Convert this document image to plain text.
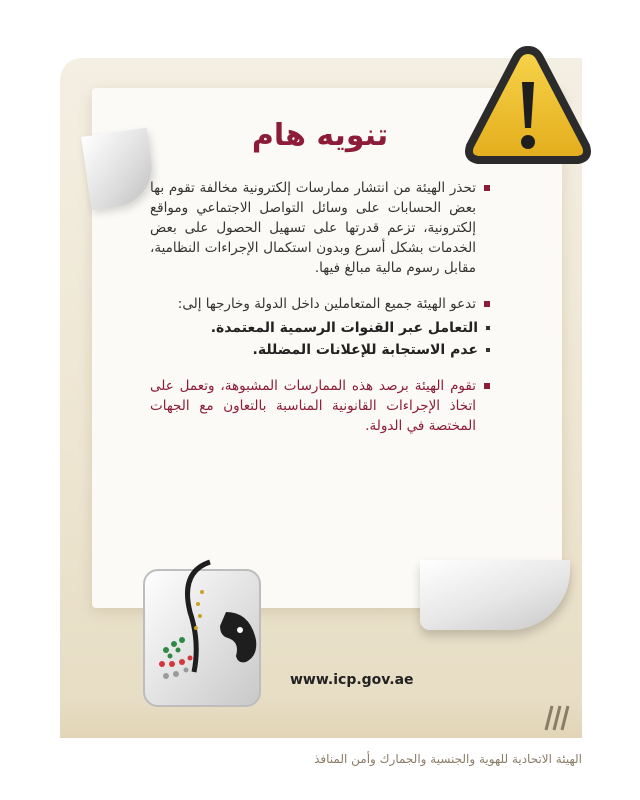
تنويه هام
تحذر الهيئة من انتشار ممارسات إلكترونية مخالفة تقوم بها بعض الحسابات على وسائل التواصل الاجتماعي ومواقع إلكترونية، تزعم قدرتها على تسهيل الحصول على بعض الخدمات بشكل أسرع وبدون استكمال الإجراءات النظامية، مقابل رسوم مالية مبالغ فيها.
تدعو الهيئة جميع المتعاملين داخل الدولة وخارجها إلى:
التعامل عبر القنوات الرسمية المعتمدة.
عدم الاستجابة للإعلانات المضللة.
تقوم الهيئة برصد هذه الممارسات المشبوهة، وتعمل على اتخاذ الإجراءات القانونية المناسبة بالتعاون مع الجهات المختصة في الدولة.
www.icp.gov.ae
الهيئة الاتحادية للهوية والجنسية والجمارك وأمن المنافذ
